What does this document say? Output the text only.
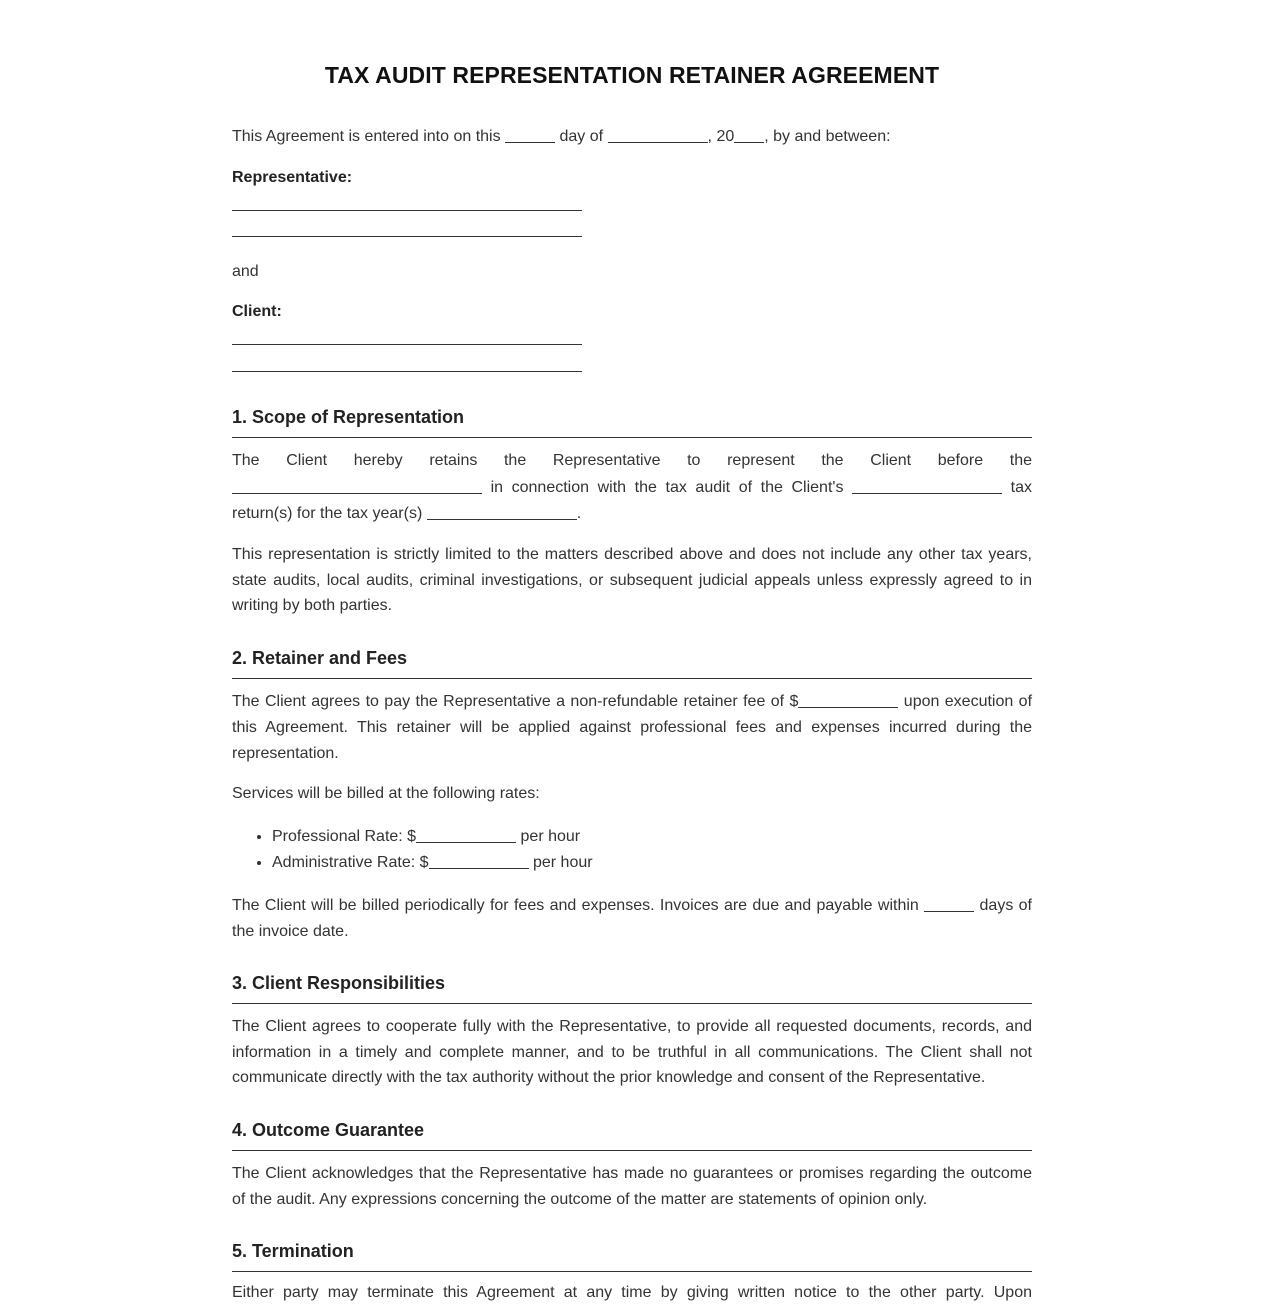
TAX AUDIT REPRESENTATION RETAINER AGREEMENT

This Agreement is entered into on this	day of	, 20 , by and between:

Representative:

and

Client:

1. Scope of Representation
The Client hereby retains the Representative to represent the Client before the
in connection with the tax audit of the Client's	tax
return(s) for the tax year(s)	.

This representation is strictly limited to the matters described above and does not include any other tax years, state audits, local audits, criminal investigations, or subsequent judicial appeals unless expressly agreed to in writing by both parties.

2. Retainer and Fees
The Client agrees to pay the Representative a non-refundable retainer fee of $	upon execution of
this Agreement. This retainer will be applied against professional fees and expenses incurred during the representation.

Services will be billed at the following rates:

• Professional Rate: $	per hour
• Administrative Rate: $	per hour
The Client will be billed periodically for fees and expenses. Invoices are due and payable within	days of
the invoice date.
3. Client Responsibilities

The Client agrees to cooperate fully with the Representative, to provide all requested documents, records, and information in a timely and complete manner, and to be truthful in all communications. The Client shall not communicate directly with the tax authority without the prior knowledge and consent of the Representative.

4. Outcome Guarantee

The Client acknowledges that the Representative has made no guarantees or promises regarding the outcome of the audit. Any expressions concerning the outcome of the matter are statements of opinion only.

5. Termination

Either party may terminate this Agreement at any time by giving written notice to the other party. Upon
